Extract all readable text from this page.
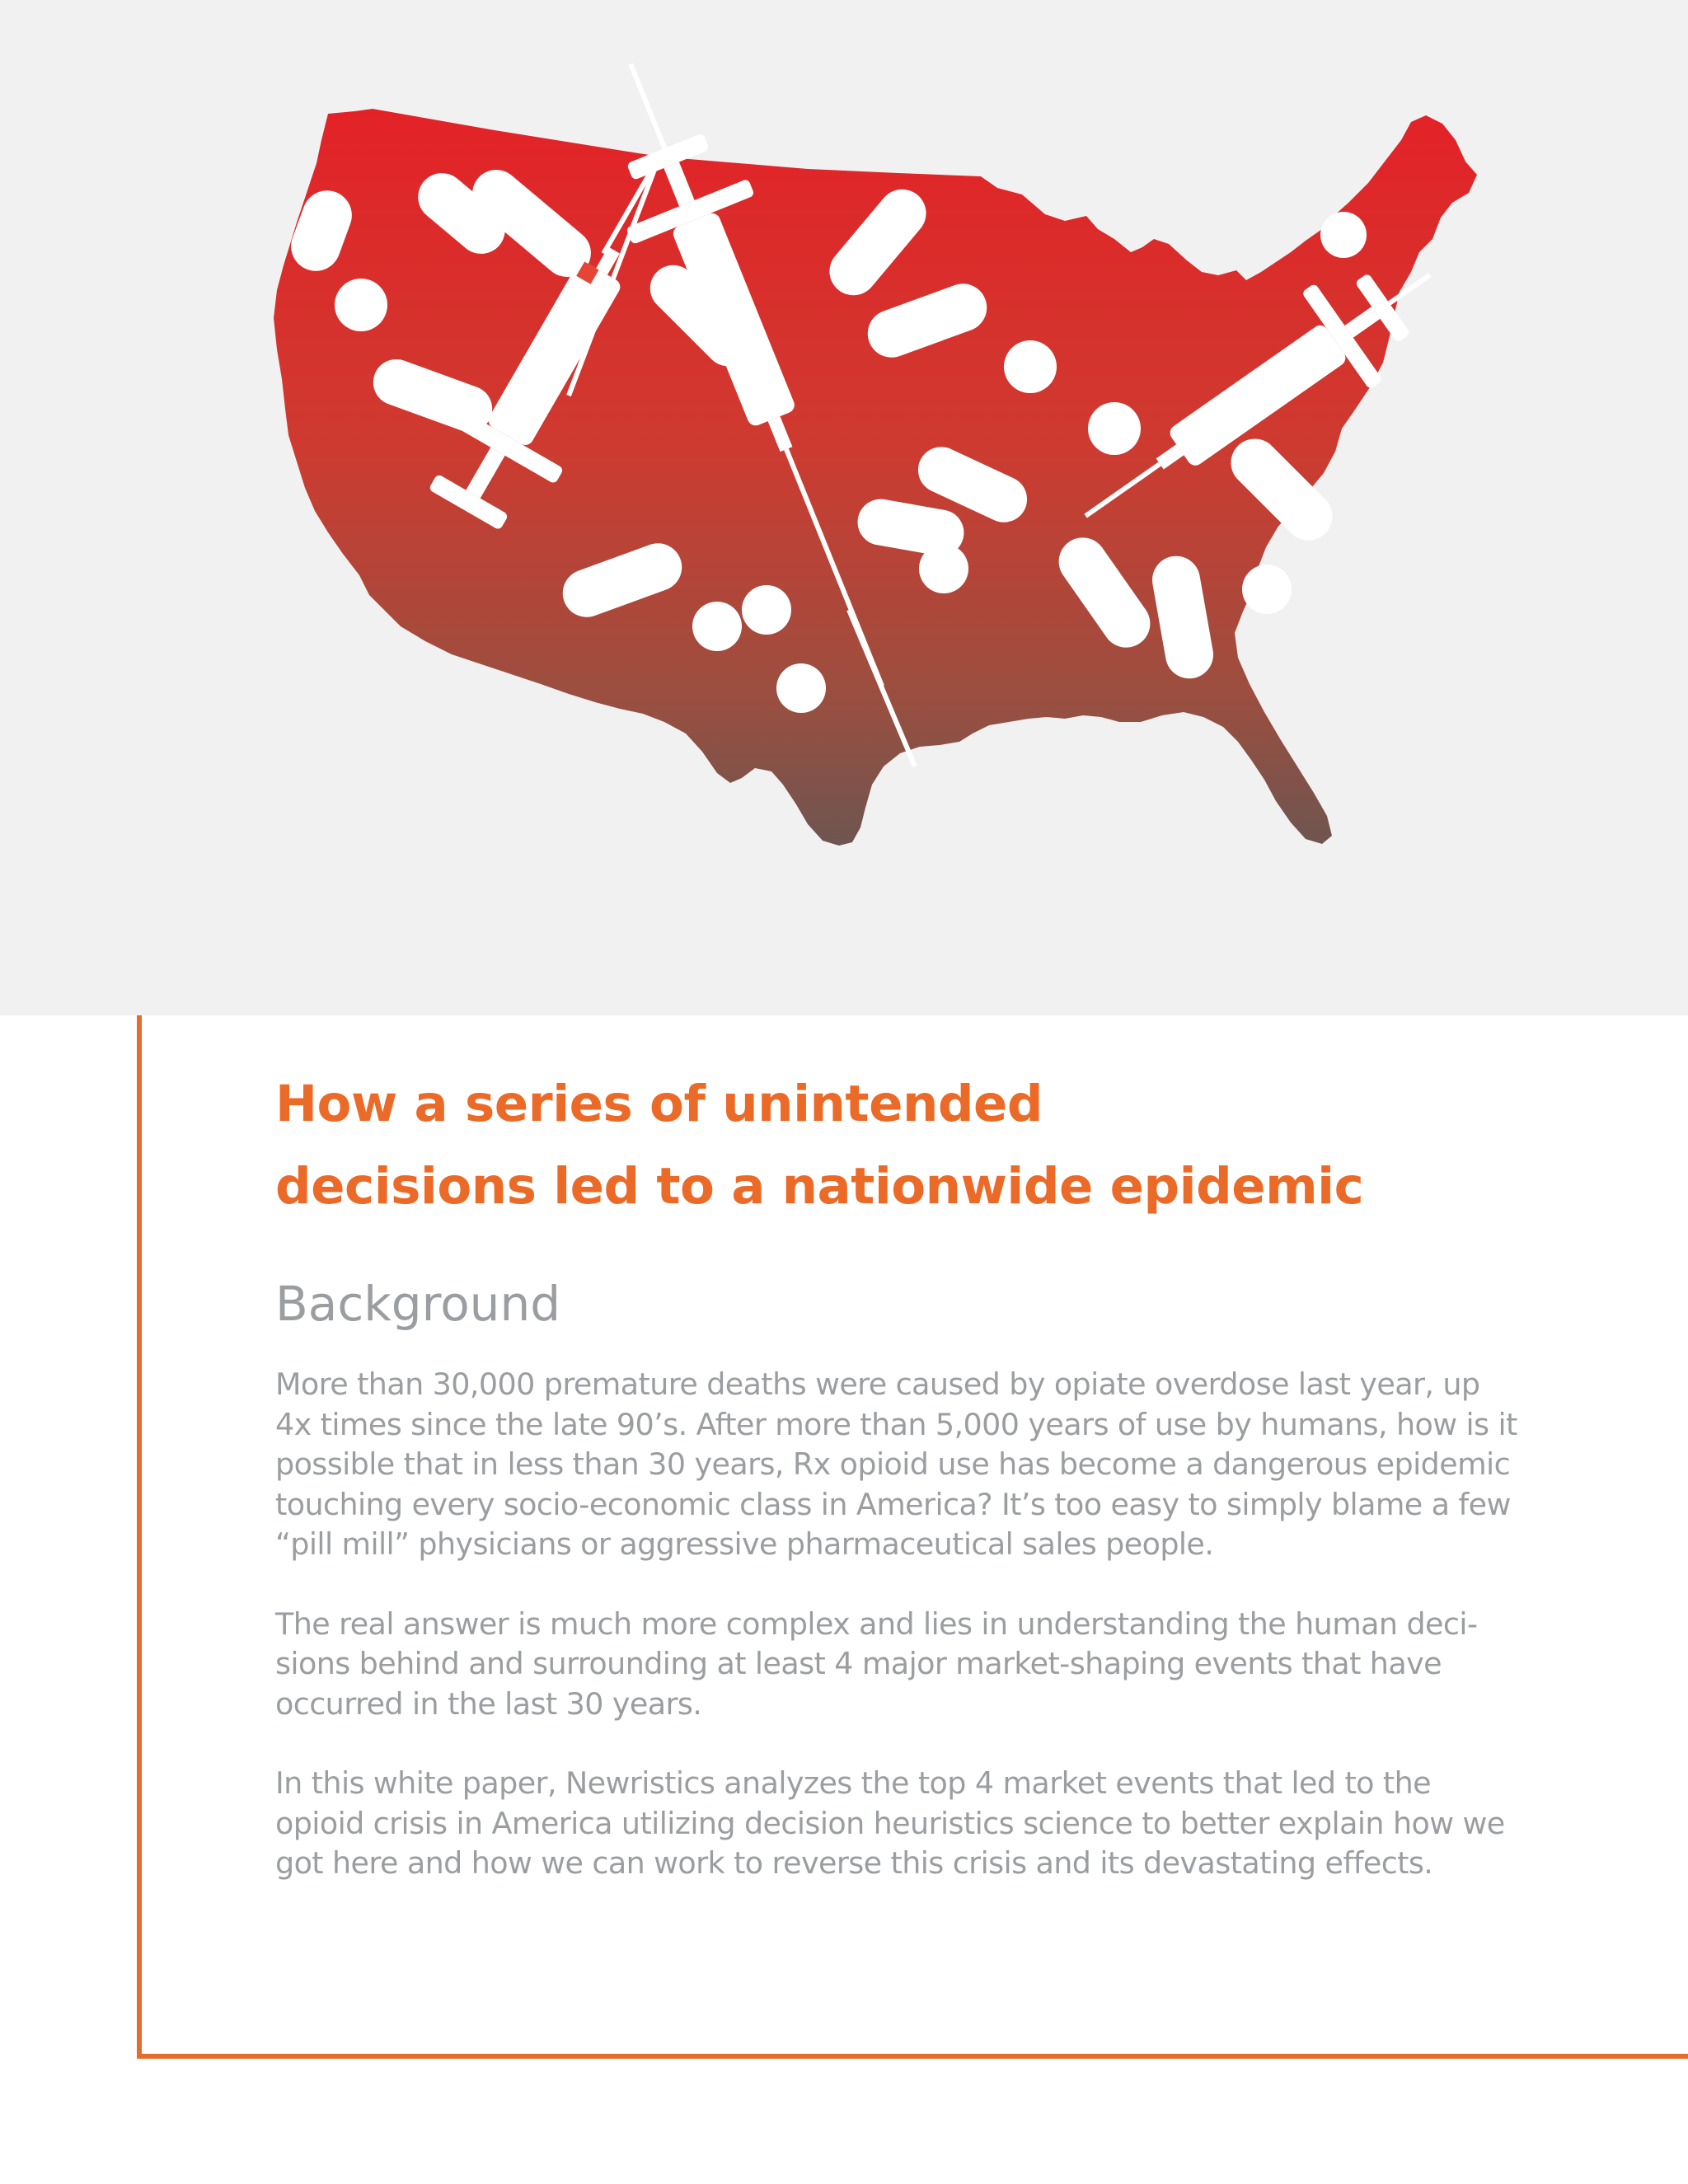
How a series of unintended
decisions led to a nationwide epidemic
Background

More than 30,000 premature deaths were caused by opiate overdose last year, up
4x times since the late 90’s. After more than 5,000 years of use by humans, how is it
possible that in less than 30 years, Rx opioid use has become a dangerous epidemic
touching every socio-economic class in America? It’s too easy to simply blame a few
“pill mill” physicians or aggressive pharmaceutical sales people.

The real answer is much more complex and lies in understanding the human deci-
sions behind and surrounding at least 4 major market-shaping events that have
occurred in the last 30 years.

In this white paper, Newristics analyzes the top 4 market events that led to the
opioid crisis in America utilizing decision heuristics science to better explain how we
got here and how we can work to reverse this crisis and its devastating effects.
